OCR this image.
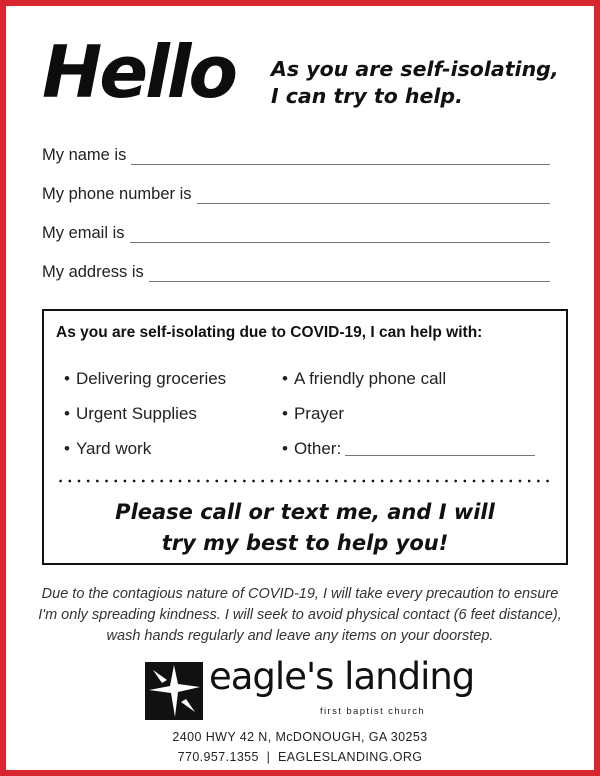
Hello As you are self-isolating,
I can try to help.
My name is
My phone number is
My email is
My address is
As you are self-isolating due to COVID-19, I can help with:
• Delivering groceries
• Urgent Supplies
• Yard work
• A friendly phone call
• Prayer
• Other:
Please call or text me, and I will
try my best to help you!
Due to the contagious nature of COVID-19, I will take every precaution to ensure
I'm only spreading kindness. I will seek to avoid physical contact (6 feet distance),
wash hands regularly and leave any items on your doorstep.
eagle's landing
first baptist church
2400 HWY 42 N, McDONOUGH, GA 30253
770.957.1355 | EAGLESLANDING.ORG
